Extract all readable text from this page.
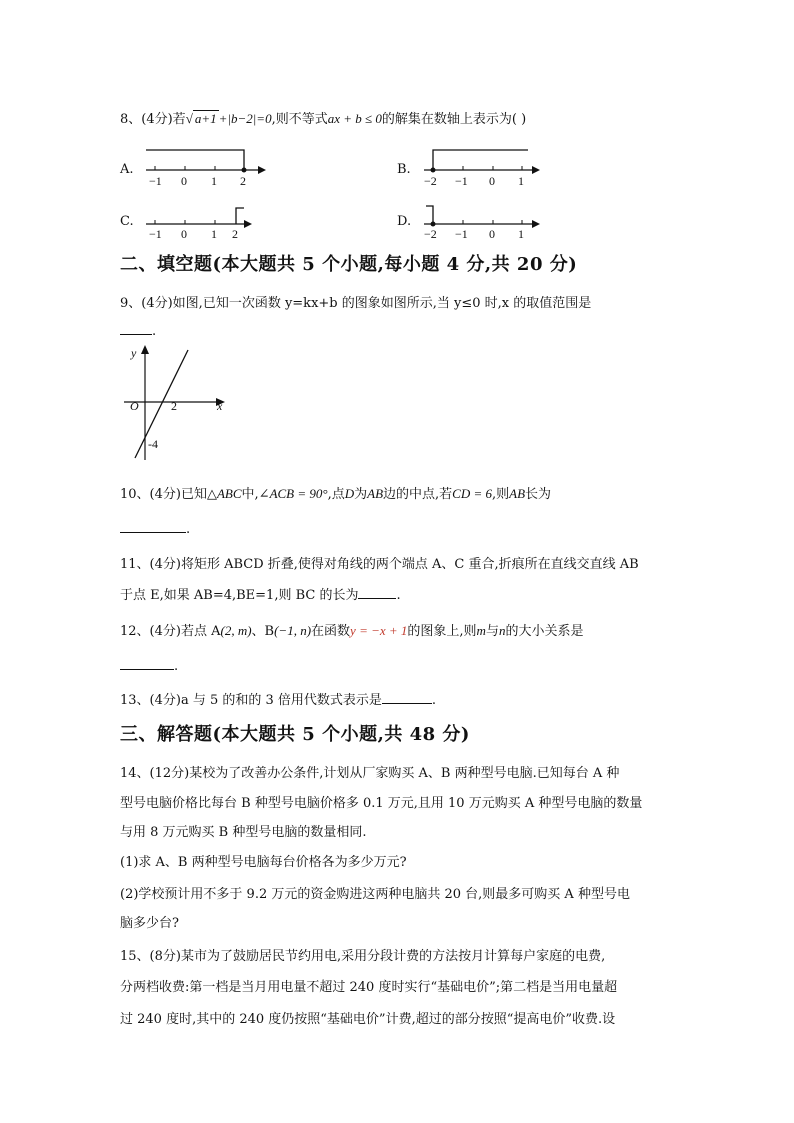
8、(4分)若√ a+1 +|b−2|=0,则不等式ax + b ≤ 0的解集在数轴上表示为( )
A.
−1 0 1 2
B.
−2 −1 0 1
C.
−1 0 1 2
D.
−2 −1 0 1
二、填空题(本大题共 5 个小题,每小题 4 分,共 20 分)
9、(4分)如图,已知一次函数 y=kx+b 的图象如图所示,当 y≤0 时,x 的取值范围是
.
y
x
O	2
-4
10、(4分)已知△ABC中,∠ACB = 90°,点D为AB边的中点,若CD = 6,则AB长为
.
11、(4分)将矩形 ABCD 折叠,使得对角线的两个端点 A、C 重合,折痕所在直线交直线 AB
于点 E,如果 AB=4,BE=1,则 BC 的长为	.
12、(4分)若点 A(2, m)、B(−1, n)在函数y = −x + 1的图象上,则m与n的大小关系是
.
13、(4分)a 与 5 的和的 3 倍用代数式表示是	.
三、解答题(本大题共 5 个小题,共 48 分)
14、(12分)某校为了改善办公条件,计划从厂家购买 A、B 两种型号电脑.已知每台 A 种
型号电脑价格比每台 B 种型号电脑价格多 0.1 万元,且用 10 万元购买 A 种型号电脑的数量
与用 8 万元购买 B 种型号电脑的数量相同.
(1)求 A、B 两种型号电脑每台价格各为多少万元?
(2)学校预计用不多于 9.2 万元的资金购进这两种电脑共 20 台,则最多可购买 A 种型号电
脑多少台?
15、(8分)某市为了鼓励居民节约用电,采用分段计费的方法按月计算每户家庭的电费,
分两档收费:第一档是当月用电量不超过 240 度时实行“基础电价”;第二档是当用电量超
过 240 度时,其中的 240 度仍按照“基础电价”计费,超过的部分按照“提高电价”收费.设
